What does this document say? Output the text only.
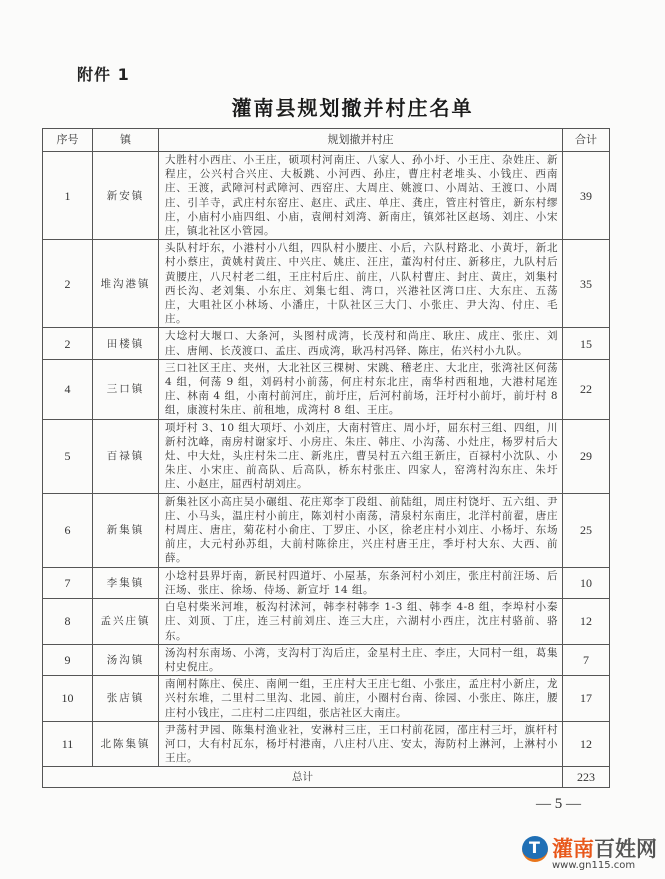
附件 1
灌南县规划撤并村庄名单
序号	镇	规划撤并村庄	合计
1	新安镇	大胜村小西庄、小王庄，硕项村河南庄、八家人、孙小圩、小王庄、杂姓庄、新程庄，公兴村合兴庄、大板跳、小河西、孙庄，曹庄村老堆头、小钱庄、西南庄、王渡，武障河村武障河、西窑庄、大周庄、姚渡口、小周站、王渡口、小周庄、引羊寺，武庄村东窑庄、赵庄、武庄、单庄、龚庄，管庄村管庄，新东村缪庄，小庙村小庙四组、小庙，袁闸村刘湾、新南庄，镇郊社区赵场、刘庄、小宋庄，镇北社区小管园。	39
2	堆沟港镇	头队村圩东，小港村小八组，四队村小腰庄、小后，六队村路北、小黄圩，新北村小蔡庄，黄姚村黄庄、中兴庄、姚庄、汪庄，董沟村付庄、新移庄，九队村后黄腰庄，八尺村老二组，王庄村后庄、前庄，八队村曹庄、封庄、黄庄，刘集村西长沟、老刘集、小东庄、刘集七组、湾口，兴港社区湾口庄、大东庄、五荡庄，大咀社区小林场、小潘庄，十队社区三大门、小张庄、尹大沟、付庄、毛庄。	35
2	田楼镇	大埝村大堰口、大条河，头图村成湾，长茂村和尚庄、耿庄、成庄、张庄、刘庄、唐闸、长茂渡口、孟庄、西成湾，耿冯村冯铎、陈庄，佑兴村小九队。	15
4	三口镇	三口社区王庄、夹州，大北社区三棵树、宋跳、稽老庄、大北庄，张湾社区何荡 4 组，何荡 9 组，刘码村小前荡，何庄村东北庄，南华村西租地，大港村尾连庄、林南 4 组，小南村前河庄，前圩庄，后河村前场，汪圩村小前圩，前圩村 8 组，康渡村朱庄、前租地，成湾村 8 组、王庄。	22
5	百禄镇	项圩村 3、10 组大项圩、小刘庄，大南村管庄、周小圩，屈东村三组、四组，川新村沈峰，南房村谢家圩、小房庄、朱庄、韩庄、小沟荡、小灶庄，杨罗村后大灶、中大灶，头庄村朱二庄、新兆庄，曹吴村五六组王新庄，百禄村小沈队、小朱庄、小宋庄、前高队、后高队，桥东村张庄、四家人，窑湾村沟东庄、朱圩庄、小赵庄，屈西村胡刘庄。	29
6	新集镇	新集社区小高庄吴小碾组、花庄郑李丁段组、前陆组，周庄村饶圩、五六组、尹庄、小马头，温庄村小前庄，陈刘村小南荡，清泉村东南庄，北洋村前翟，唐庄村周庄、唐庄，菊花村小俞庄、丁罗庄、小区，徐老庄村小刘庄、小杨圩、东场前庄，大元村孙苏组，大前村陈徐庄，兴庄村唐王庄，季圩村大东、大西、前薛。	25
7	李集镇	小埝村县界圩南，新民村四道圩、小屋基，东条河村小刘庄，张庄村前汪场、后汪场、张庄、徐场、侍场、新宣圩 14 组。	10
8	孟兴庄镇	白皂村柴米河堆，板沟村沭河，韩李村韩李 1-3 组、韩李 4-8 组，李埠村小秦庄、刘顶、丁庄，连三村前刘庄、连三大庄，六湖村小西庄，沈庄村骆前、骆东。	12
9	汤沟镇	汤沟村东南场、小湾，支沟村丁沟后庄，金星村土庄、李庄，大同村一组，葛集村史倪庄。	7
10	张店镇	南闸村陈庄、侯庄、南闸一组，王庄村大王庄七组、小张庄，孟庄村小新庄，龙兴村东堆，二里村二里沟、北园、前庄，小圈村台南、徐园、小张庄、陈庄，腰庄村小钱庄，二庄村二庄四组，张店社区大南庄。	17
11	北陈集镇	尹荡村尹园、陈集村渔业社，安淋村三庄，王口村前花园，邵庄村三圩，旗杆村河口，大有村瓦东，杨圩村港南，八庄村八庄、安太，海防村上淋河，上淋村小王庄。	12
总计			223
— 5 —
T
灌南百姓网
www.gn115.com
